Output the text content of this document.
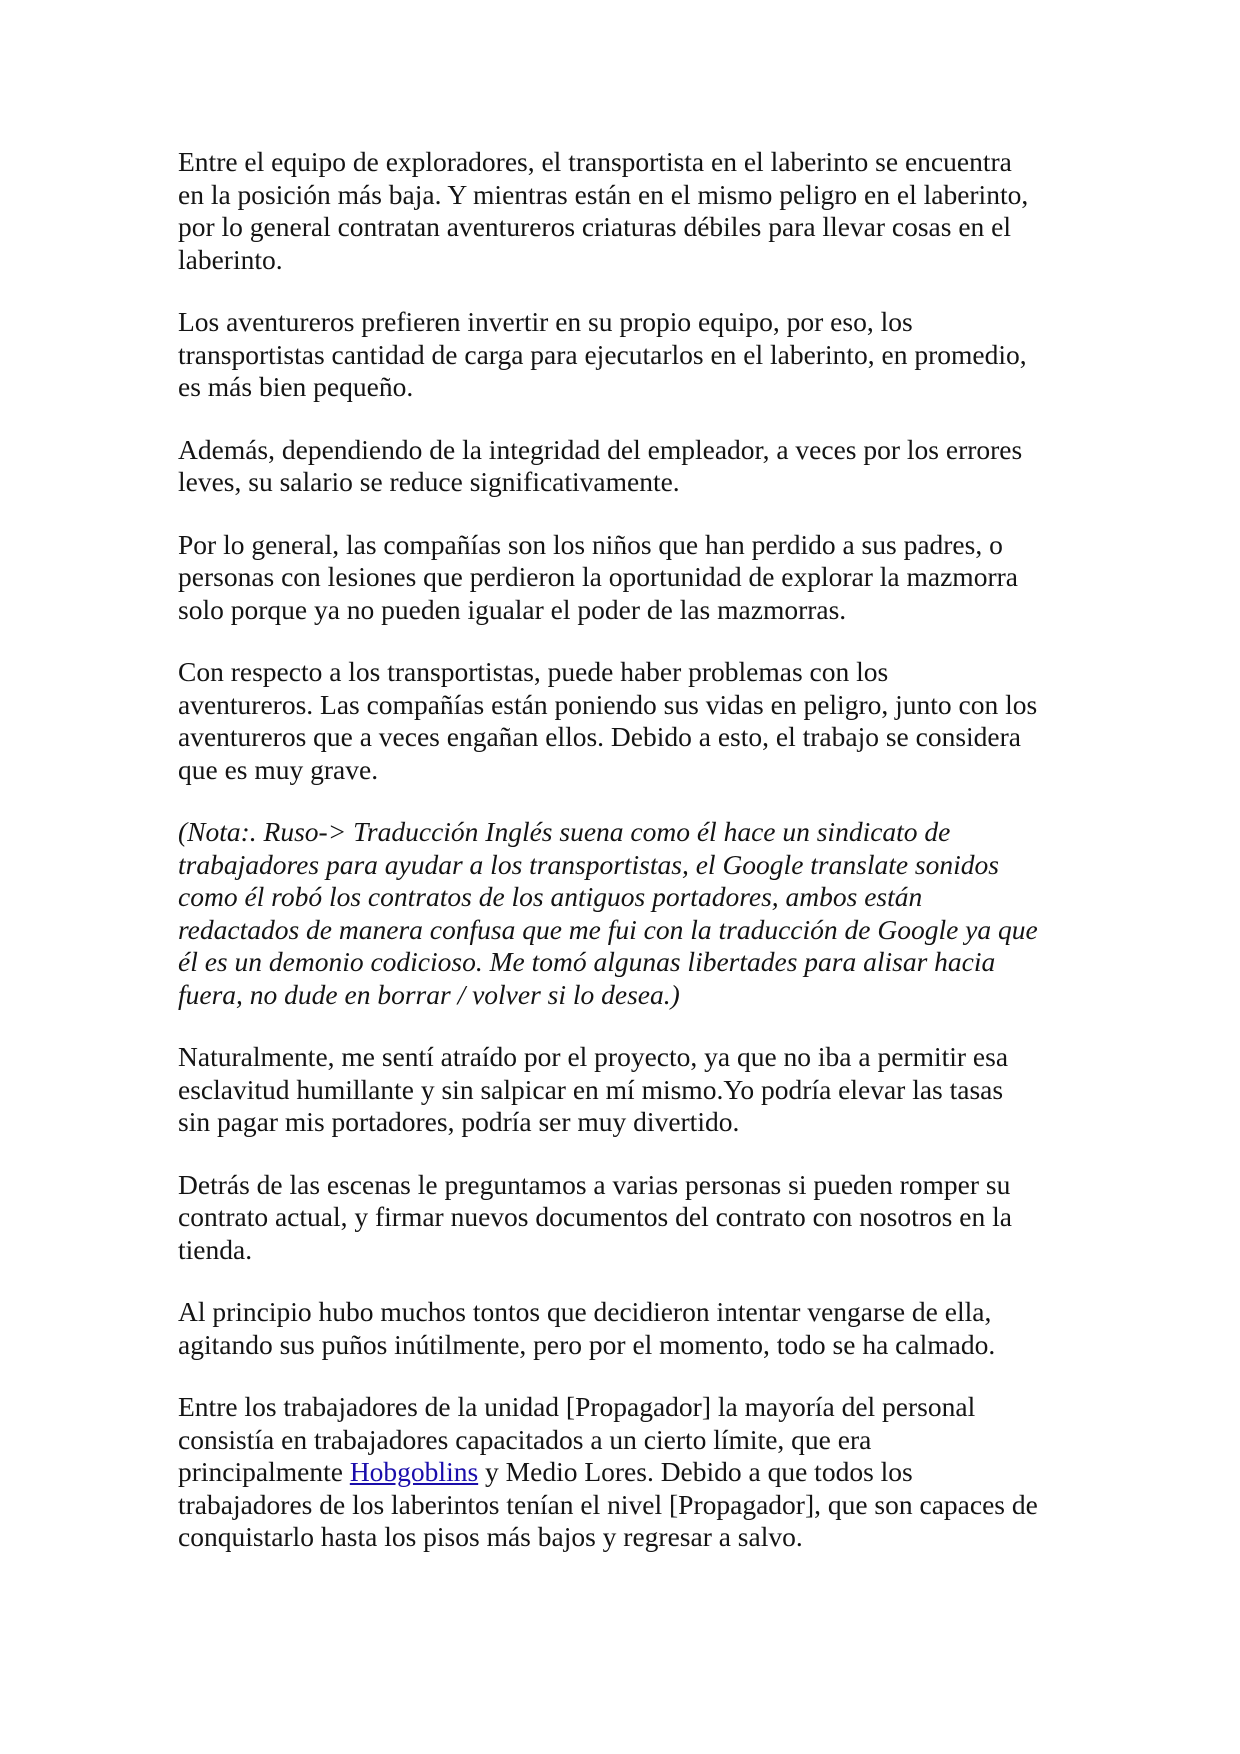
Entre el equipo de exploradores, el transportista en el laberinto se encuentra
en la posición más baja. Y mientras están en el mismo peligro en el laberinto,
por lo general contratan aventureros criaturas débiles para llevar cosas en el
laberinto.

Los aventureros prefieren invertir en su propio equipo, por eso, los
transportistas cantidad de carga para ejecutarlos en el laberinto, en promedio,
es más bien pequeño.

Además, dependiendo de la integridad del empleador, a veces por los errores
leves, su salario se reduce significativamente.

Por lo general, las compañías son los niños que han perdido a sus padres, o
personas con lesiones que perdieron la oportunidad de explorar la mazmorra
solo porque ya no pueden igualar el poder de las mazmorras.

Con respecto a los transportistas, puede haber problemas con los
aventureros. Las compañías están poniendo sus vidas en peligro, junto con los
aventureros que a veces engañan ellos. Debido a esto, el trabajo se considera
que es muy grave.

(Nota:. Ruso-> Traducción Inglés suena como él hace un sindicato de
trabajadores para ayudar a los transportistas, el Google translate sonidos
como él robó los contratos de los antiguos portadores, ambos están
redactados de manera confusa que me fui con la traducción de Google ya que
él es un demonio codicioso. Me tomó algunas libertades para alisar hacia
fuera, no dude en borrar / volver si lo desea.)

Naturalmente, me sentí atraído por el proyecto, ya que no iba a permitir esa
esclavitud humillante y sin salpicar en mí mismo.Yo podría elevar las tasas
sin pagar mis portadores, podría ser muy divertido.

Detrás de las escenas le preguntamos a varias personas si pueden romper su
contrato actual, y firmar nuevos documentos del contrato con nosotros en la
tienda.

Al principio hubo muchos tontos que decidieron intentar vengarse de ella,
agitando sus puños inútilmente, pero por el momento, todo se ha calmado.

Entre los trabajadores de la unidad [Propagador] la mayoría del personal
consistía en trabajadores capacitados a un cierto límite, que era
principalmente Hobgoblins y Medio Lores. Debido a que todos los
trabajadores de los laberintos tenían el nivel [Propagador], que son capaces de
conquistarlo hasta los pisos más bajos y regresar a salvo.
